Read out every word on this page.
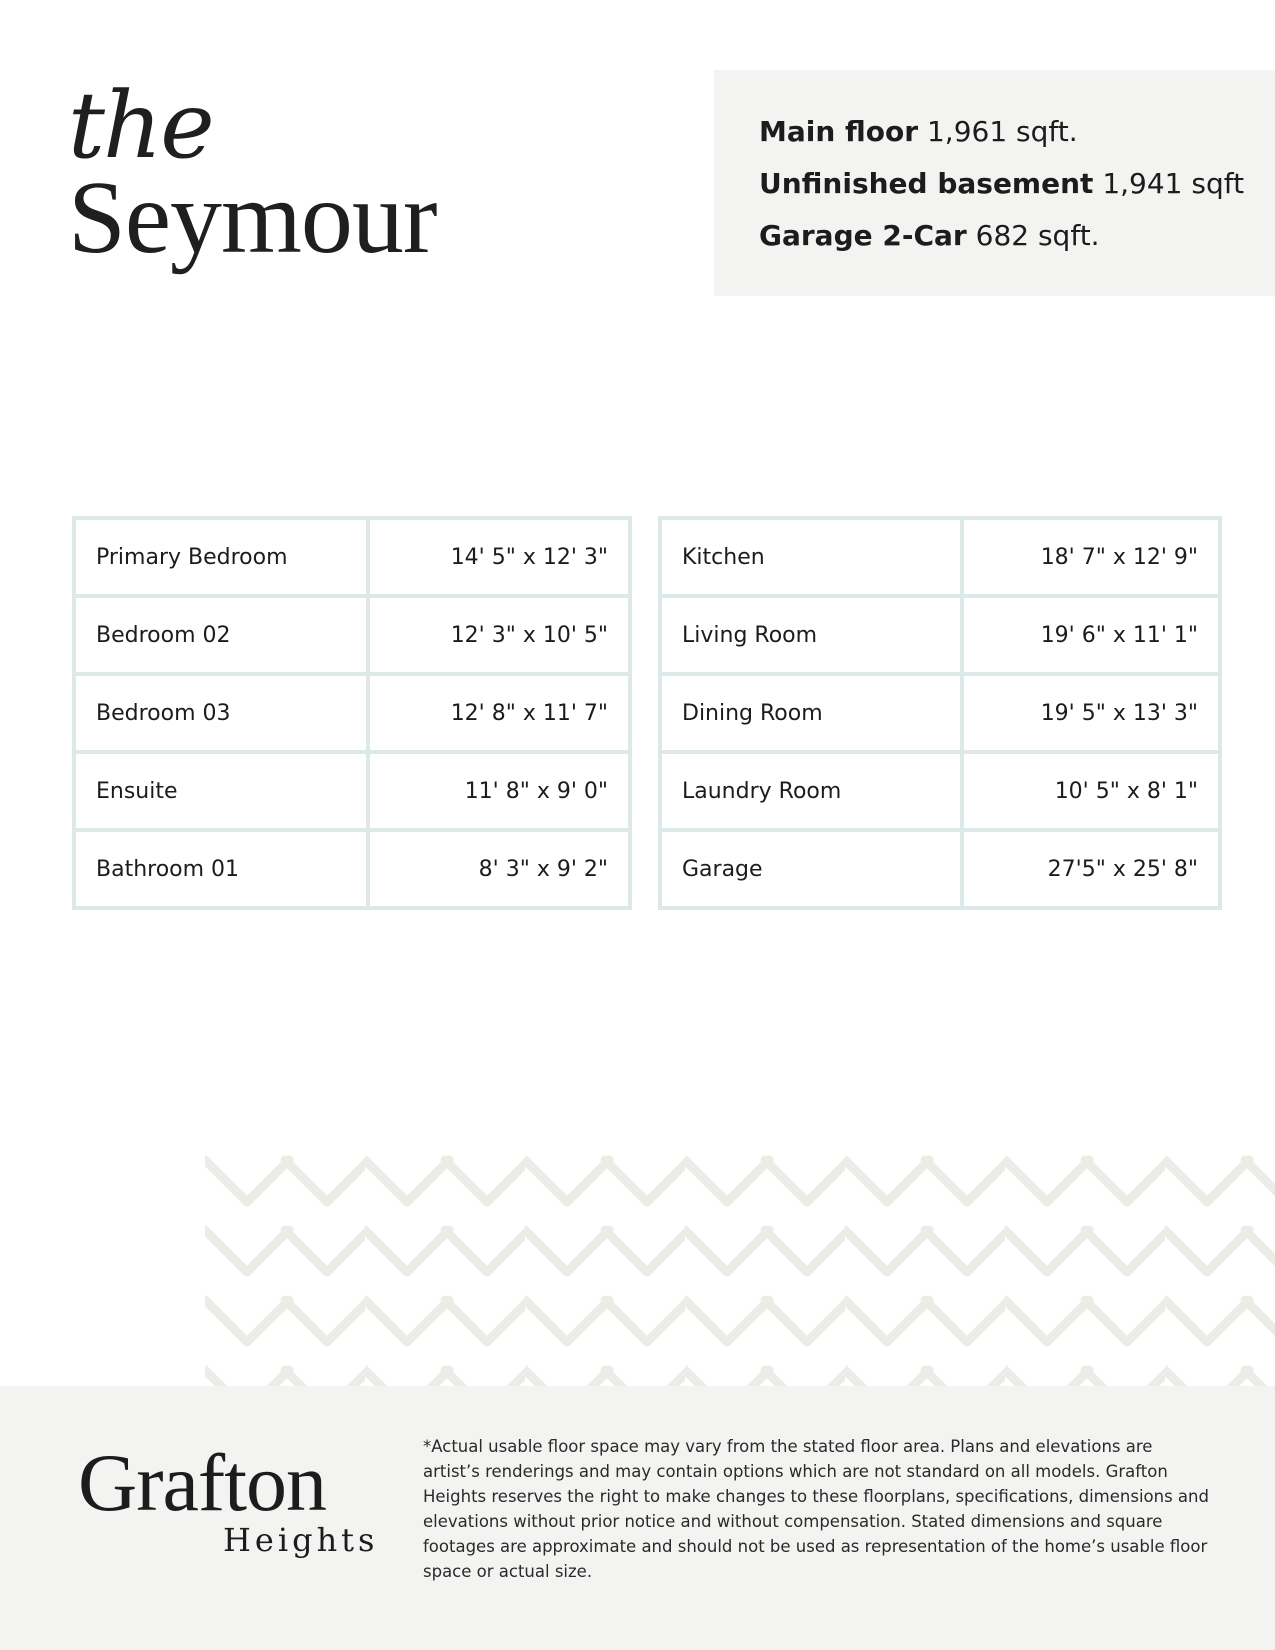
the
Seymour
Main floor 1,961 sqft.
Unfinished basement 1,941 sqft
Garage 2-Car 682 sqft.
Primary Bedroom	14' 5" x 12' 3"
Bedroom 02	12' 3" x 10' 5"
Bedroom 03	12' 8" x 11' 7"
Ensuite	11' 8" x 9' 0"
Bathroom 01	8' 3" x 9' 2"
Kitchen	18' 7" x 12' 9"
Living Room	19' 6" x 11' 1"
Dining Room	19' 5" x 13' 3"
Laundry Room	10' 5" x 8' 1"
Garage	27'5" x 25' 8"
Grafton
Heights
*Actual usable floor space may vary from the stated floor area. Plans and elevations are artist’s renderings and may contain options which are not standard on all models. Grafton Heights reserves the right to make changes to these floorplans, specifications, dimensions and elevations without prior notice and without compensation. Stated dimensions and square footages are approximate and should not be used as representation of the home’s usable floor space or actual size.
